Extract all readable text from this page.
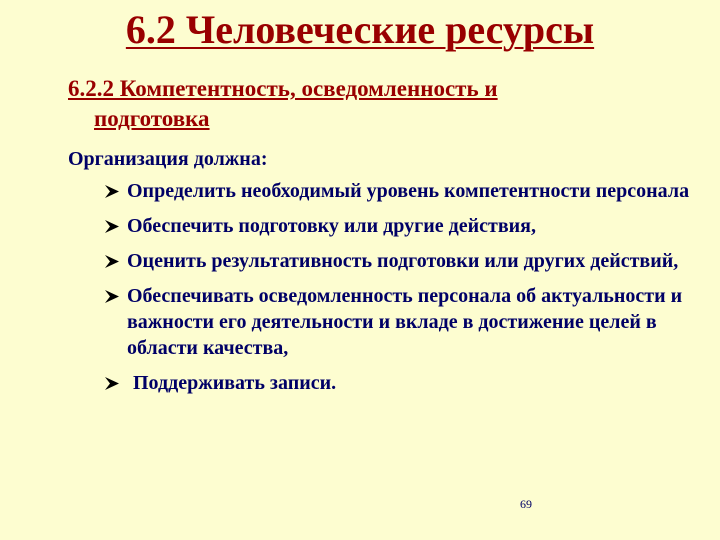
6.2 Человеческие ресурсы

6.2.2 Компетентность, осведомленность и
подготовка

Организация должна:

Определить необходимый уровень компетентности персонала
Обеспечить подготовку или другие действия,
Оценить результативность подготовки или других действий,
Обеспечивать осведомленность персонала об актуальности и важности его деятельности и вкладе в достижение целей в области качества,
Поддерживать записи.

69
